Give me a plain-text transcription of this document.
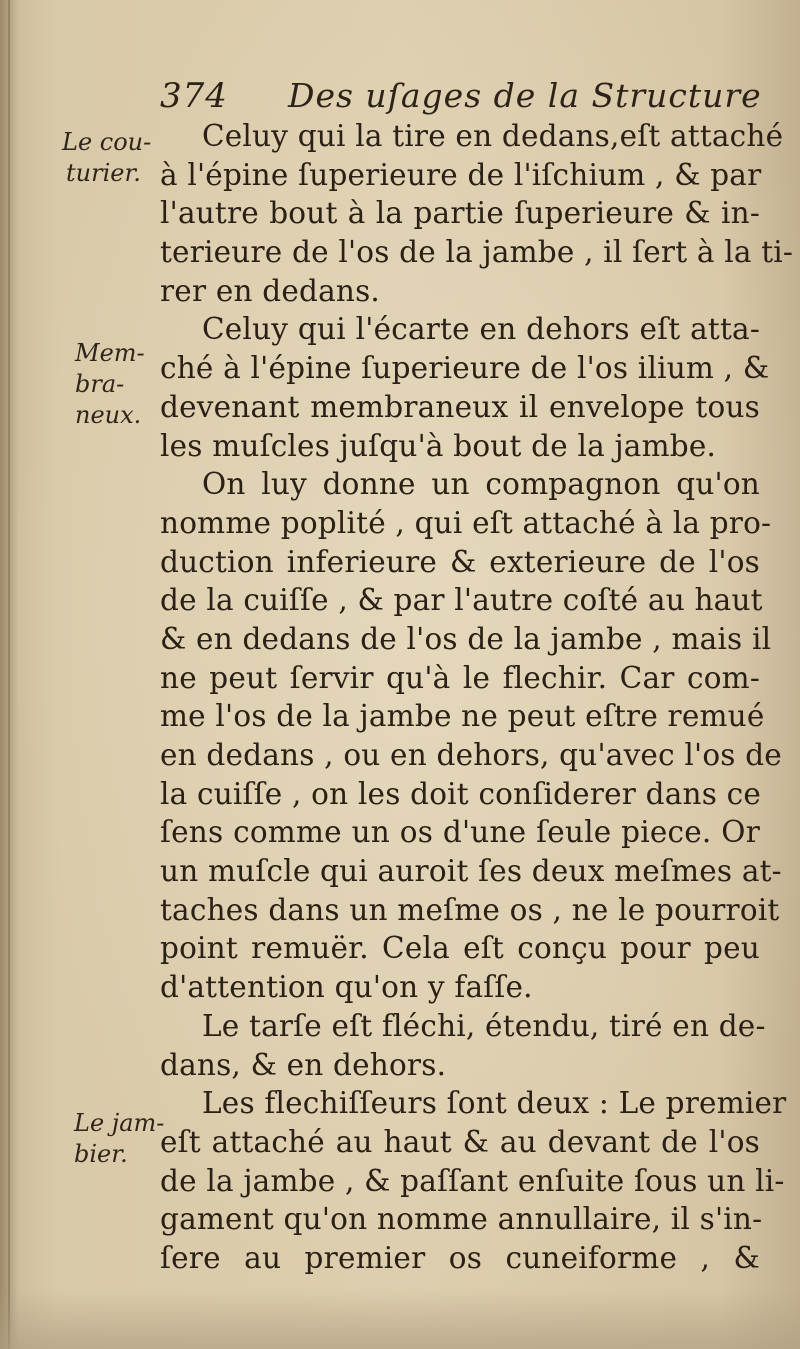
374 Des uſages de la Structure
Le cou-
turier.
Mem-
bra-
neux.
Le jam-
bier.

Celuy qui la tire en dedans,eſt attaché
à l'épine ſuperieure de l'iſchium , & par
l'autre bout à la partie ſuperieure & in-
terieure de l'os de la jambe , il ſert à la ti-
rer en dedans.

Celuy qui l'écarte en dehors eſt atta-
ché à l'épine ſuperieure de l'os ilium , &
devenant membraneux il envelope tous
les muſcles juſqu'à bout de la jambe.

On luy donne un compagnon qu'on
nomme poplité , qui eſt attaché à la pro-
duction inferieure & exterieure de l'os
de la cuiſſe , & par l'autre coſté au haut
& en dedans de l'os de la jambe , mais il
ne peut ſervir qu'à le flechir. Car com-
me l'os de la jambe ne peut eſtre remué
en dedans , ou en dehors, qu'avec l'os de
la cuiſſe , on les doit conſiderer dans ce
ſens comme un os d'une ſeule piece. Or
un muſcle qui auroit ſes deux meſmes at-
taches dans un meſme os , ne le pourroit
point remuër. Cela eſt conçu pour peu
d'attention qu'on y faſſe.

Le tarſe eſt fléchi, étendu, tiré en de-
dans, & en dehors.

Les flechiſſeurs ſont deux : Le premier
eſt attaché au haut & au devant de l'os
de la jambe , & paſſant enſuite ſous un li-
gament qu'on nomme annullaire, il s'in-
ſere au premier os cuneiforme , &
